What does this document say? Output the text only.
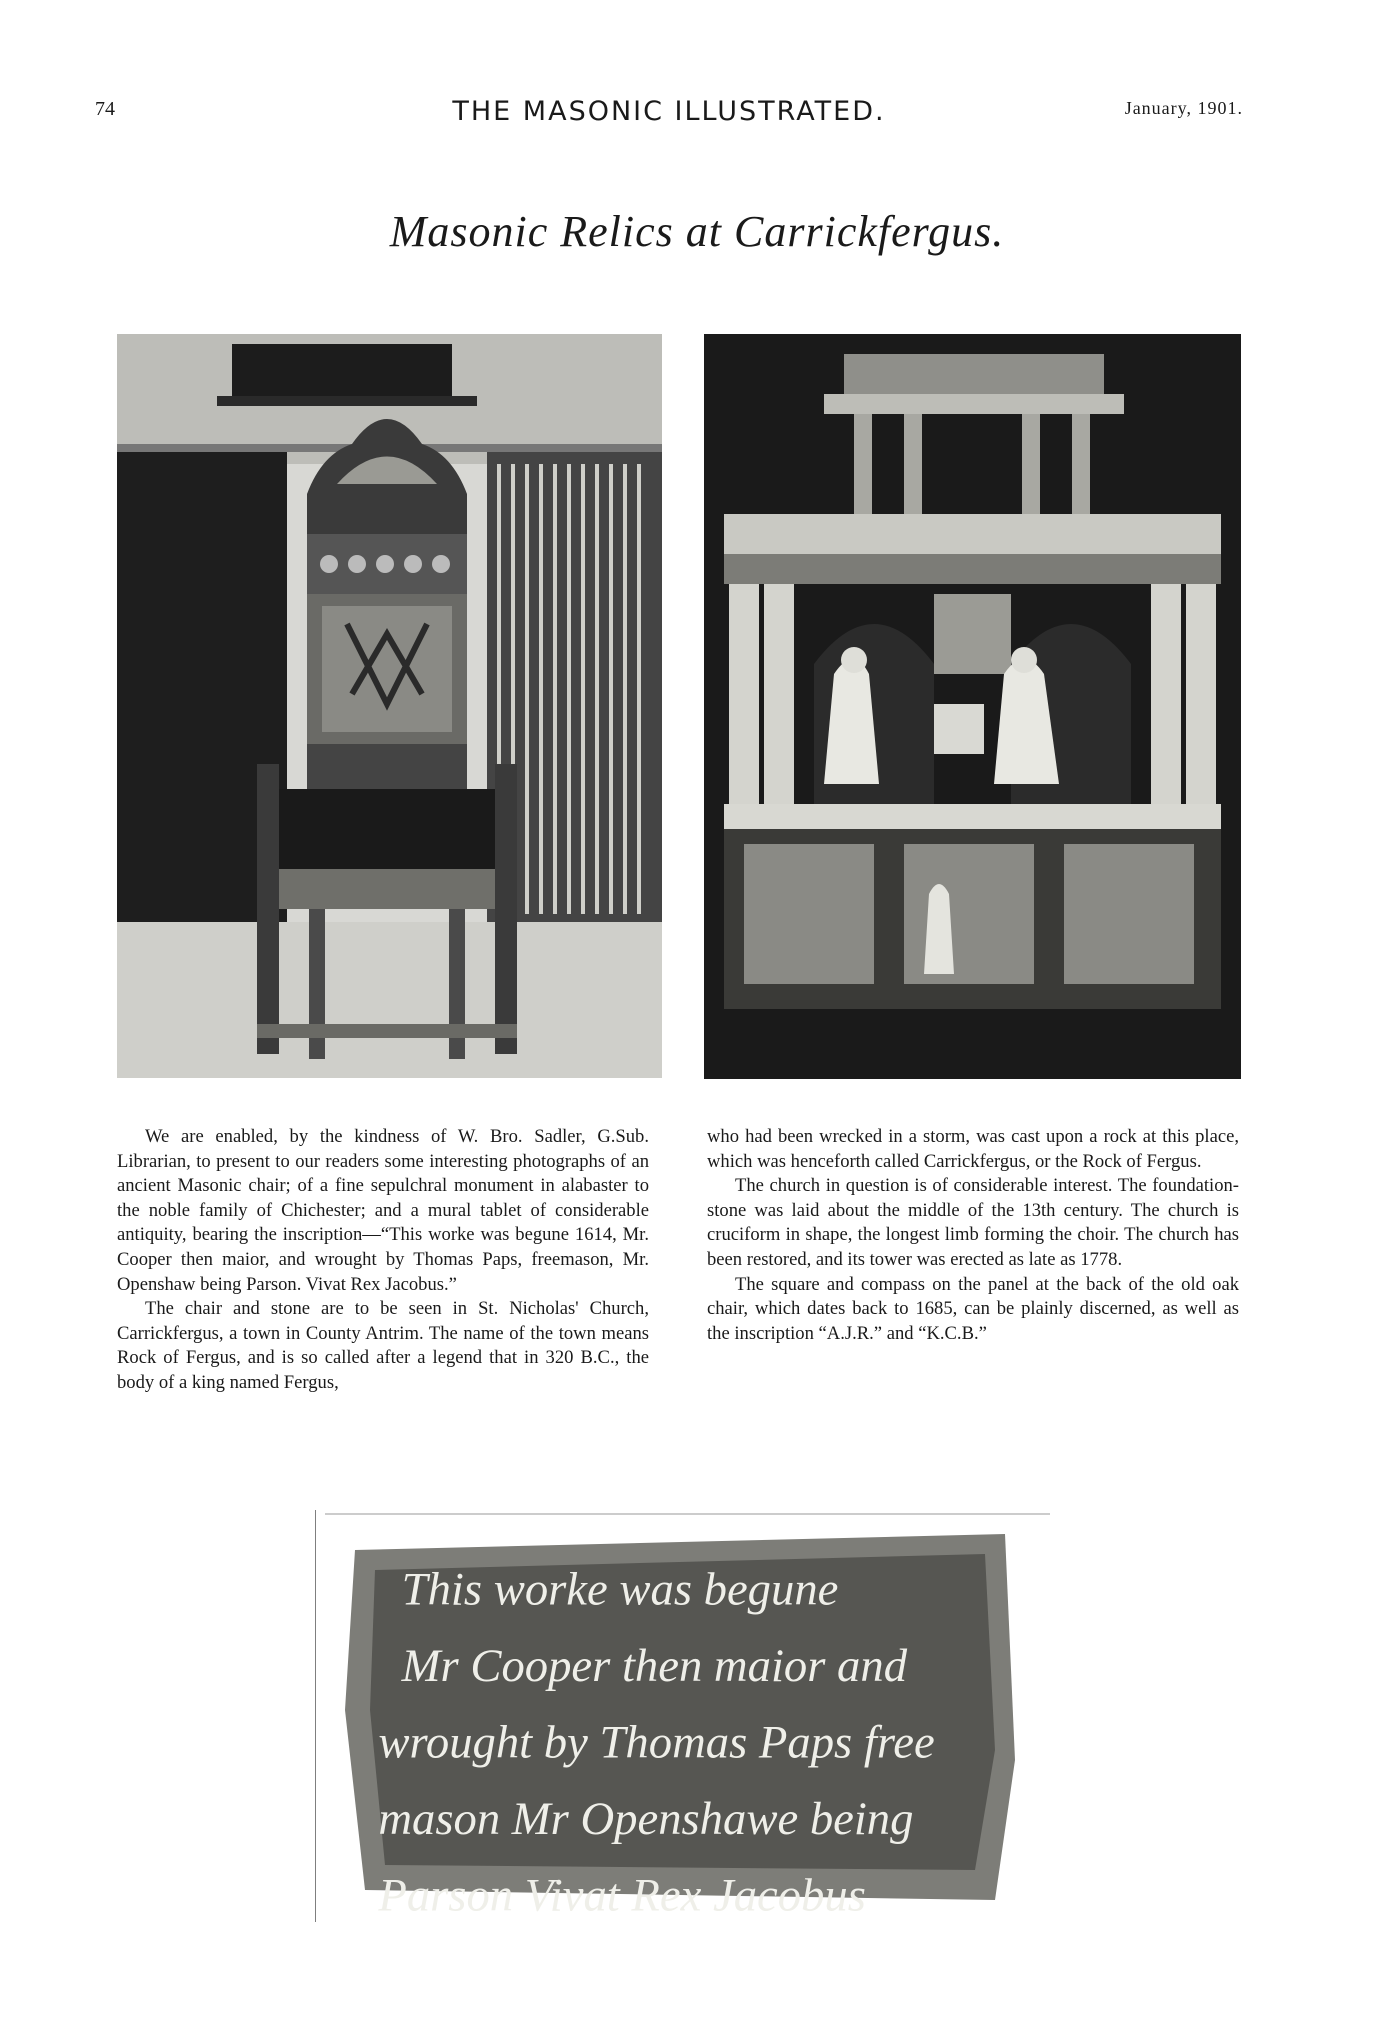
74	THE MASONIC ILLUSTRATED.	January, 1901.
Masonic Relics at Carrickfergus.

We are enabled, by the kindness of W. Bro. Sadler, G.Sub. Librarian, to present to our readers some interesting photographs of an ancient Masonic chair; of a fine sepulchral monument in alabaster to the noble family of Chichester; and a mural tablet of considerable antiquity, bearing the inscription—“This worke was begune 1614, Mr. Cooper then maior, and wrought by Thomas Paps, freemason, Mr. Openshaw being Parson. Vivat Rex Jacobus.”

The chair and stone are to be seen in St. Nicholas' Church, Carrickfergus, a town in County Antrim. The name of the town means Rock of Fergus, and is so called after a legend that in 320 B.C., the body of a king named Fergus,

who had been wrecked in a storm, was cast upon a rock at this place, which was henceforth called Carrickfergus, or the Rock of Fergus.

The church in question is of considerable interest. The foundation-stone was laid about the middle of the 13th century. The church is cruciform in shape, the longest limb forming the choir. The church has been restored, and its tower was erected as late as 1778.

The square and compass on the panel at the back of the old oak chair, which dates back to 1685, can be plainly discerned, as well as the inscription “A.J.R.” and “K.C.B.”

This worke was begune
Mr Cooper then maior and
wrought by Thomas Paps free
mason Mr Openshawe being
Parson Vivat Rex Jacobus
